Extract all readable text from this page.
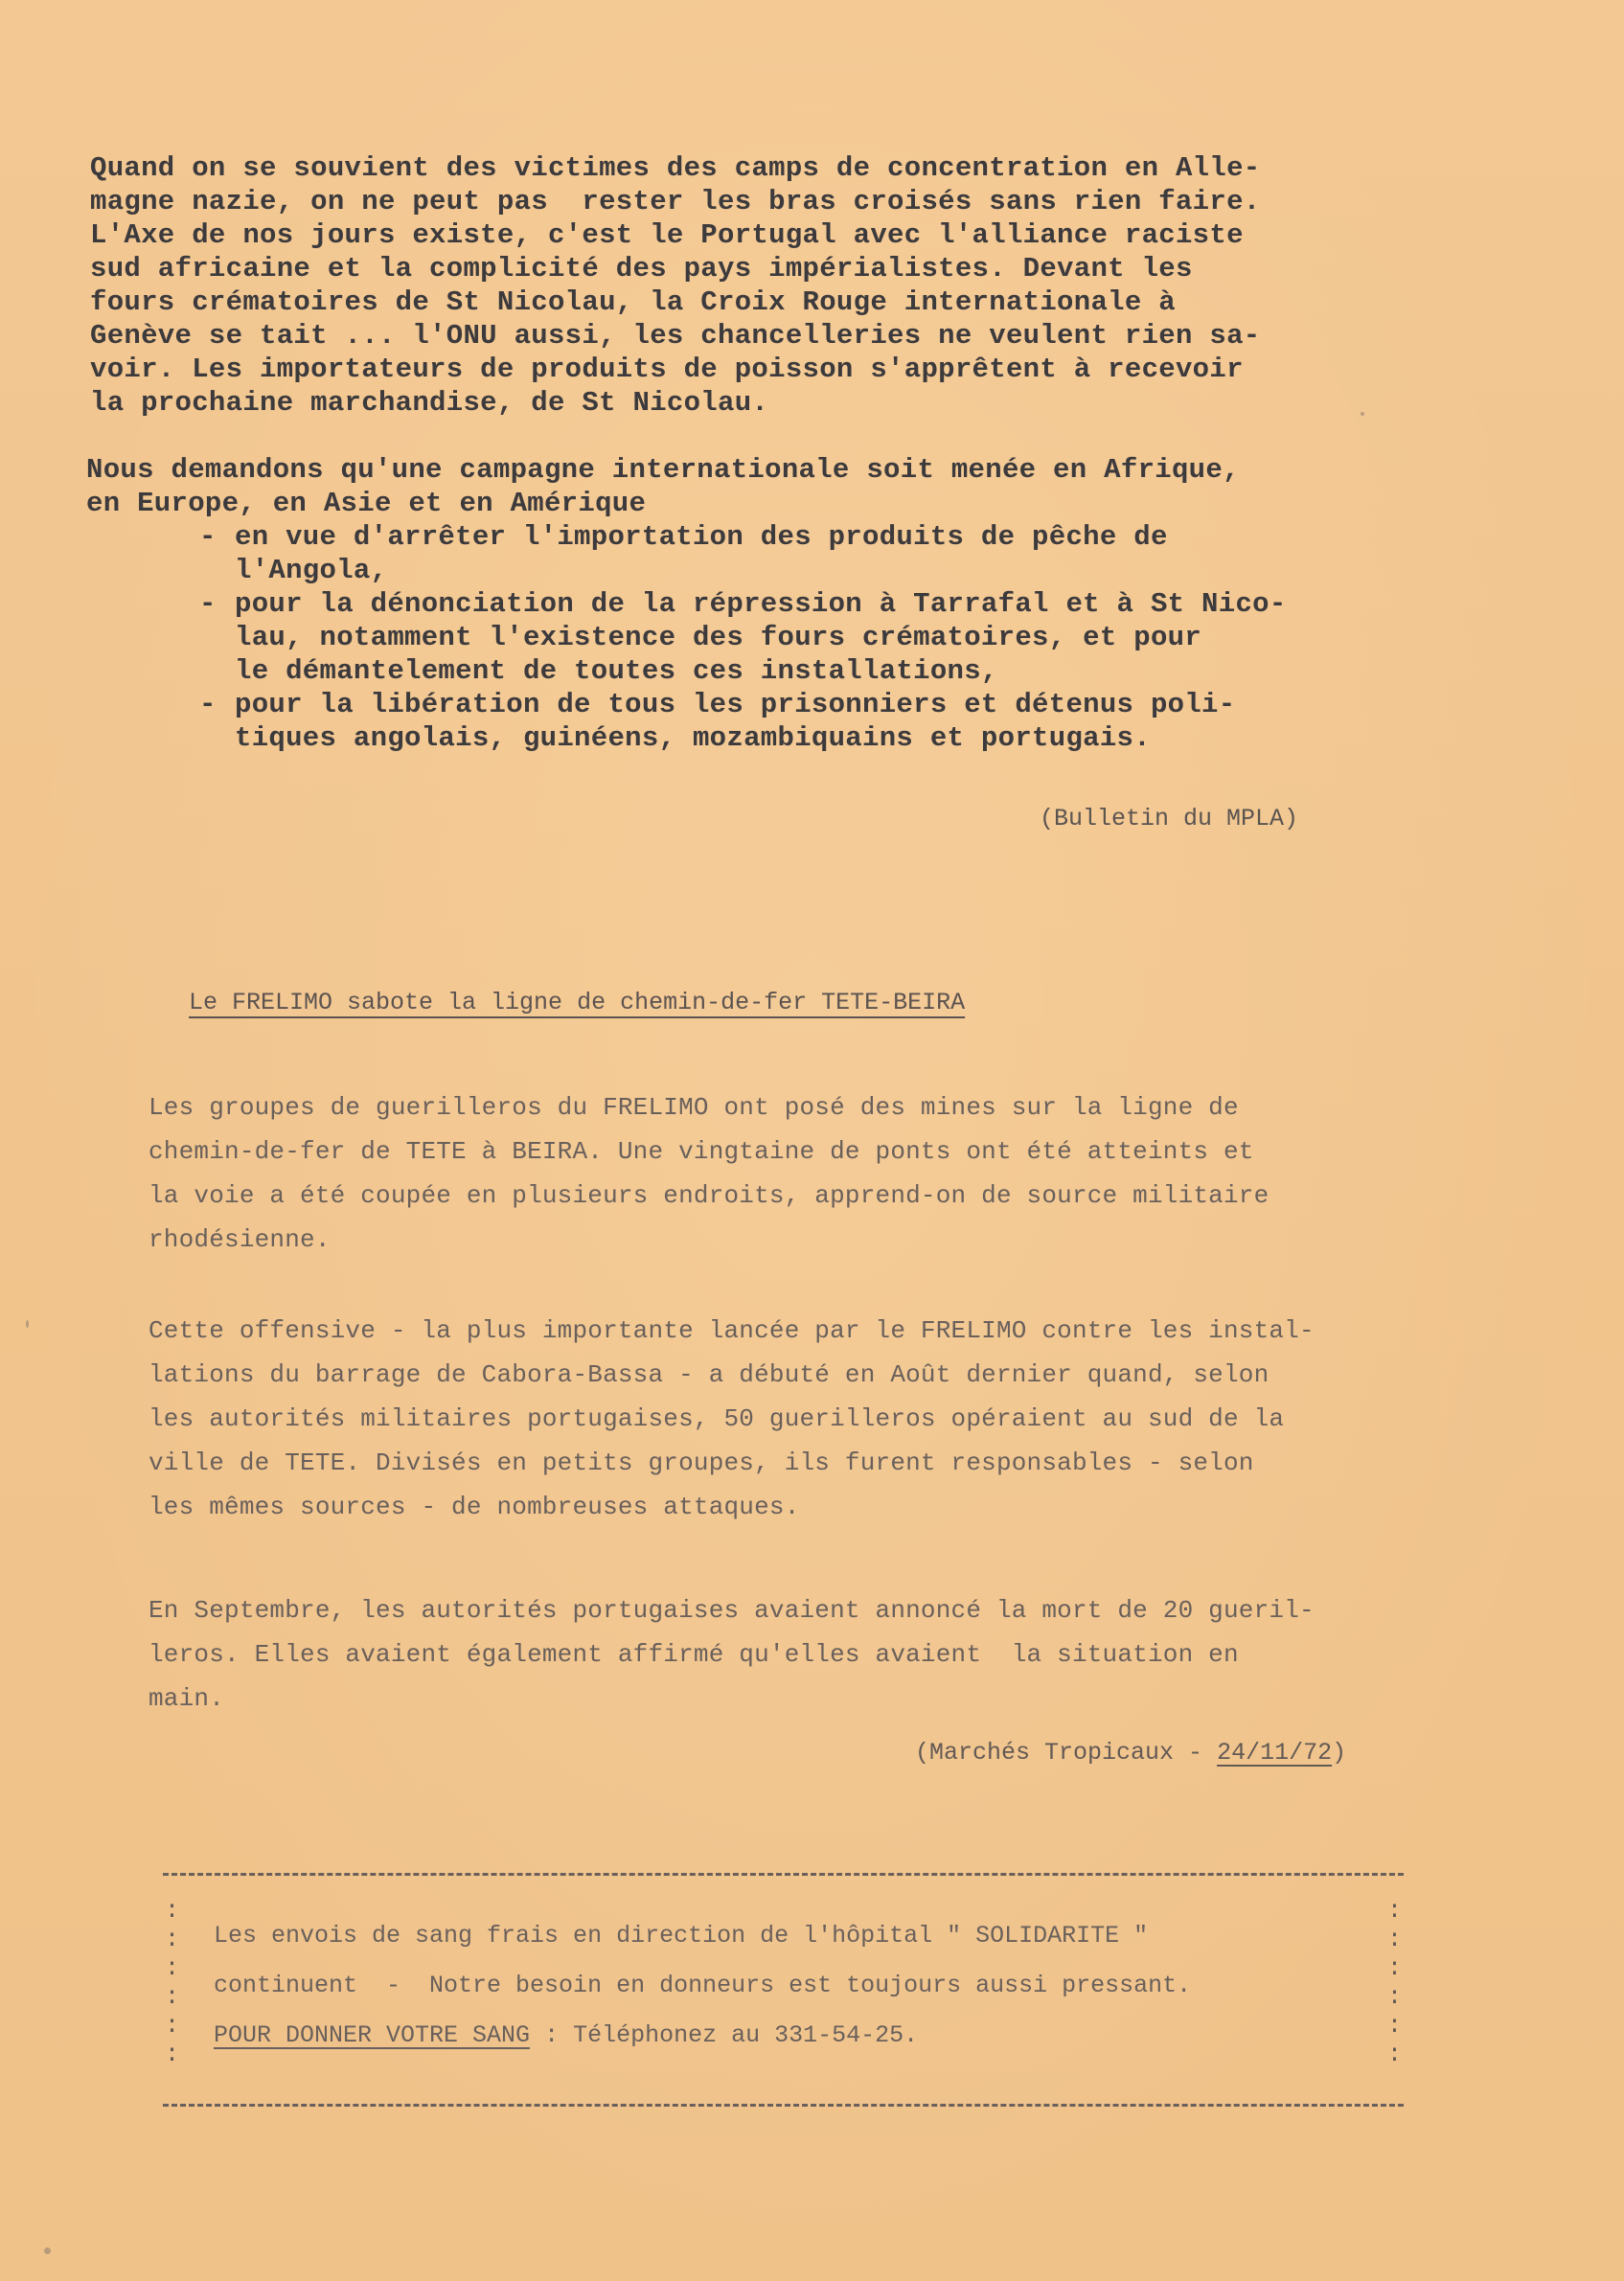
Quand on se souvient des victimes des camps de concentration en Alle-
magne nazie, on ne peut pas  rester les bras croisés sans rien faire.
L'Axe de nos jours existe, c'est le Portugal avec l'alliance raciste
sud africaine et la complicité des pays impérialistes. Devant les
fours crématoires de St Nicolau, la Croix Rouge internationale à
Genève se tait ... l'ONU aussi, les chancelleries ne veulent rien sa-
voir. Les importateurs de produits de poisson s'apprêtent à recevoir
la prochaine marchandise, de St Nicolau.

Nous demandons qu'une campagne internationale soit menée en Afrique,
en Europe, en Asie et en Amérique

- en vue d'arrêter l'importation des produits de pêche de
l'Angola,
- pour la dénonciation de la répression à Tarrafal et à St Nico-
lau, notamment l'existence des fours crématoires, et pour
le démantelement de toutes ces installations,
- pour la libération de tous les prisonniers et détenus poli-
tiques angolais, guinéens, mozambiquains et portugais.
(Bulletin du MPLA)
Le FRELIMO sabote la ligne de chemin-de-fer TETE-BEIRA

Les groupes de guerilleros du FRELIMO ont posé des mines sur la ligne de
chemin-de-fer de TETE à BEIRA. Une vingtaine de ponts ont été atteints et
la voie a été coupée en plusieurs endroits, apprend-on de source militaire
rhodésienne.

Cette offensive - la plus importante lancée par le FRELIMO contre les instal-
lations du barrage de Cabora-Bassa - a débuté en Août dernier quand, selon
les autorités militaires portugaises, 50 guerilleros opéraient au sud de la
ville de TETE. Divisés en petits groupes, ils furent responsables - selon
les mêmes sources - de nombreuses attaques.

En Septembre, les autorités portugaises avaient annoncé la mort de 20 gueril-
leros. Elles avaient également affirmé qu'elles avaient  la situation en
main.

(Marchés Tropicaux - 24/11/72)
:
:
:
:
:
:
:
:
:
:
:
:
Les envois de sang frais en direction de l'hôpital " SOLIDARITE "
continuent  -  Notre besoin en donneurs est toujours aussi pressant.
POUR DONNER VOTRE SANG : Téléphonez au 331-54-25.
